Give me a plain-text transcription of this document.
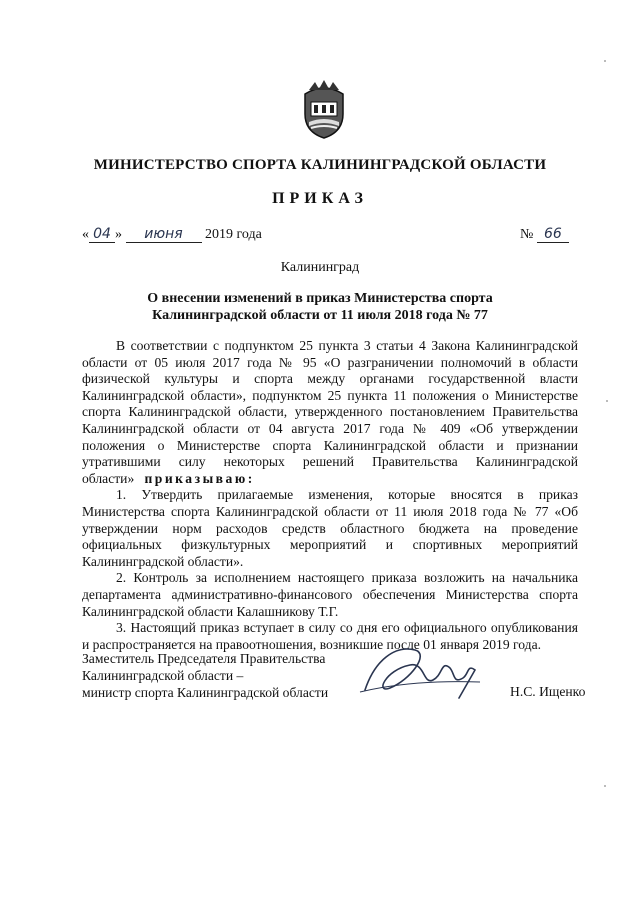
МИНИСТЕРСТВО СПОРТА КАЛИНИНГРАДСКОЙ ОБЛАСТИ
ПРИКАЗ
« 04 » июня 2019 года	№ 66
Калининград
О внесении изменений в приказ Министерства спорта
Калининградской области от 11 июля 2018 года № 77

В соответствии с подпунктом 25 пункта 3 статьи 4 Закона Калининградской области от 05 июля 2017 года № 95 «О разграничении полномочий в области физической культуры и спорта между органами государственной власти Калининградской области», подпунктом 25 пункта 11 положения о Министерстве спорта Калининградской области, утвержденного постановлением Правительства Калининградской области от 04 августа 2017 года № 409 «Об утверждении положения о Министерстве спорта Калининградской области и признании утратившими силу некоторых решений Правительства Калининградской области» приказываю:

1. Утвердить прилагаемые изменения, которые вносятся в приказ Министерства спорта Калининградской области от 11 июля 2018 года № 77 «Об утверждении норм расходов средств областного бюджета на проведение официальных физкультурных мероприятий и спортивных мероприятий Калининградской области».

2. Контроль за исполнением настоящего приказа возложить на начальника департамента административно-финансового обеспечения Министерства спорта Калининградской области Калашникову Т.Г.

3. Настоящий приказ вступает в силу со дня его официального опубликования и распространяется на правоотношения, возникшие после 01 января 2019 года.

Заместитель Председателя Правительства
Калининградской области –
министр спорта Калининградской области	Н.С. Ищенко
